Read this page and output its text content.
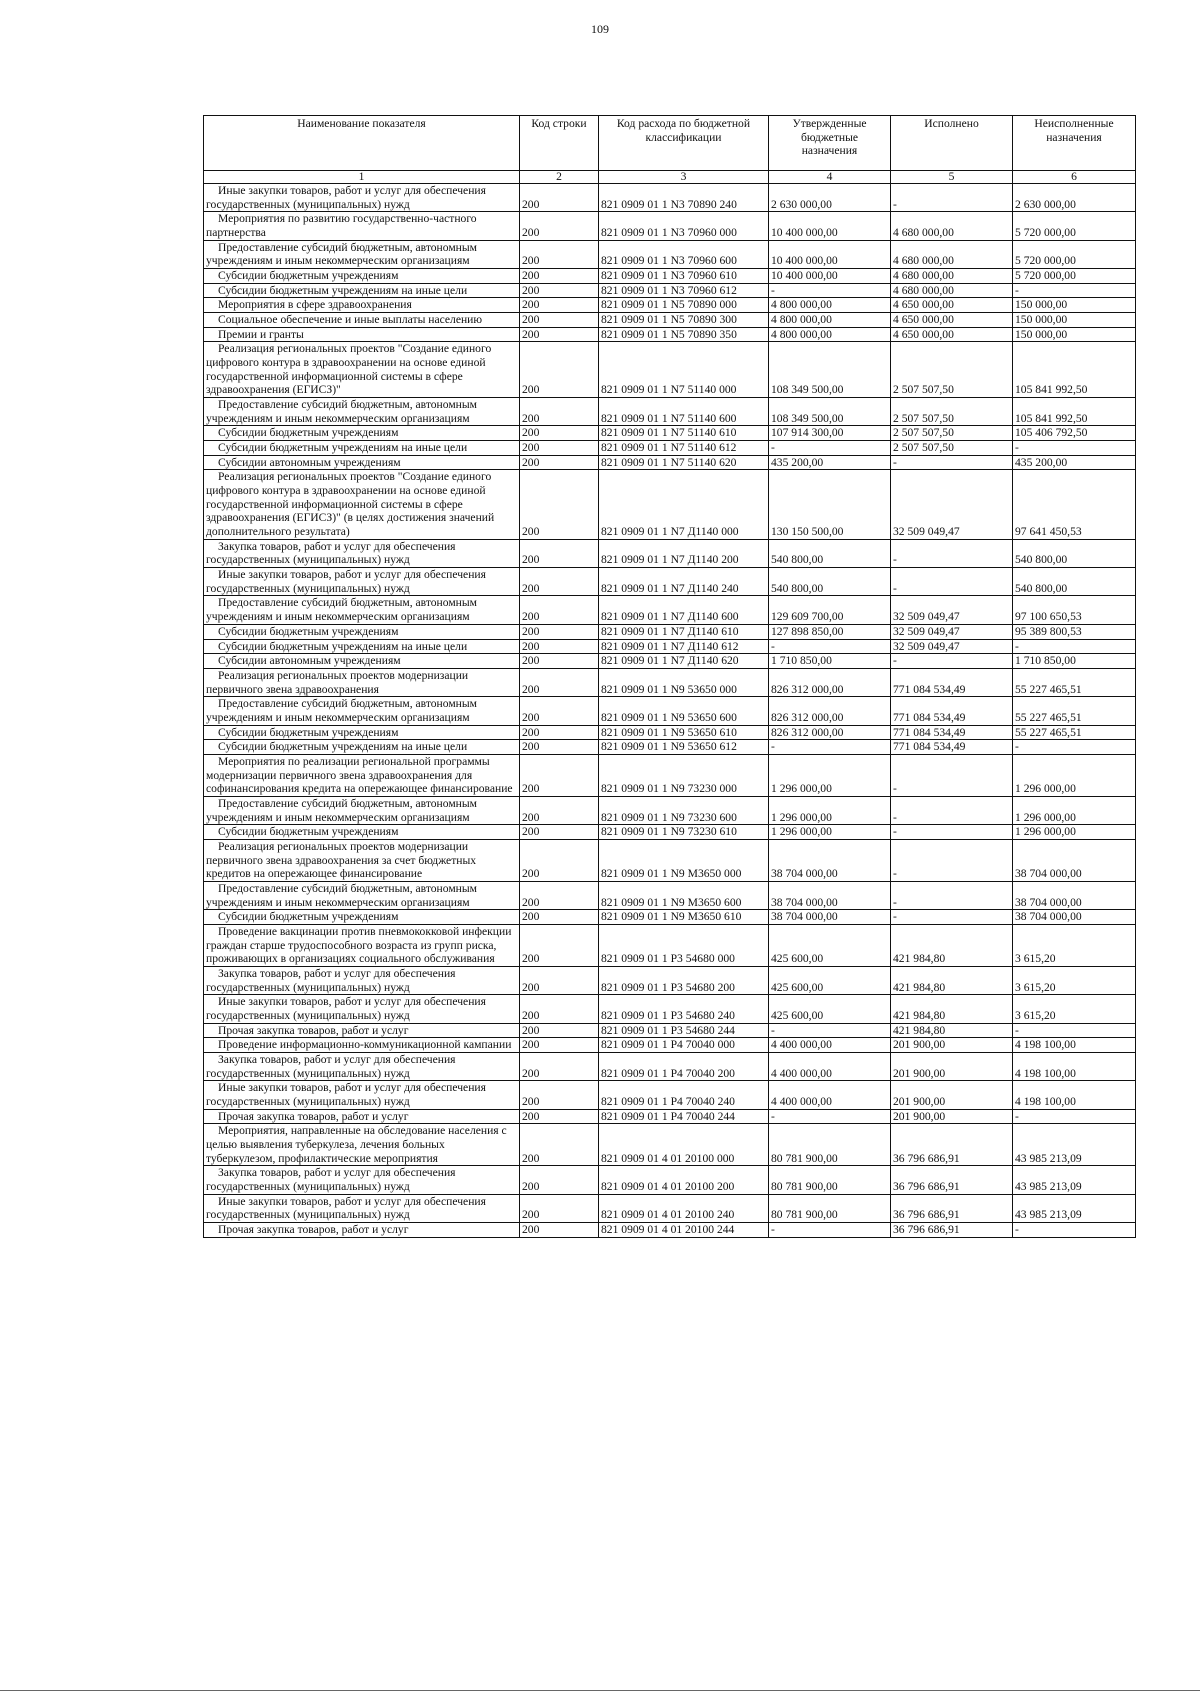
109
Наименование показателя	Код строки	Код расхода по бюджетной классификации	Утвержденные бюджетные назначения	Исполнено	Неисполненные назначения
1	2	3	4	5	6
Иные закупки товаров, работ и услуг для обеспечения государственных (муниципальных) нужд	200	821 0909 01 1 N3 70890 240	2 630 000,00	-	2 630 000,00
Мероприятия по развитию государственно-частного партнерства	200	821 0909 01 1 N3 70960 000	10 400 000,00	4 680 000,00	5 720 000,00
Предоставление субсидий бюджетным, автономным учреждениям и иным некоммерческим организациям	200	821 0909 01 1 N3 70960 600	10 400 000,00	4 680 000,00	5 720 000,00
Субсидии бюджетным учреждениям	200	821 0909 01 1 N3 70960 610	10 400 000,00	4 680 000,00	5 720 000,00
Субсидии бюджетным учреждениям на иные цели	200	821 0909 01 1 N3 70960 612	-	4 680 000,00	-
Мероприятия в сфере здравоохранения	200	821 0909 01 1 N5 70890 000	4 800 000,00	4 650 000,00	150 000,00
Социальное обеспечение и иные выплаты населению	200	821 0909 01 1 N5 70890 300	4 800 000,00	4 650 000,00	150 000,00
Премии и гранты	200	821 0909 01 1 N5 70890 350	4 800 000,00	4 650 000,00	150 000,00
Реализация региональных проектов "Создание единого цифрового контура в здравоохранении на основе единой государственной информационной системы в сфере здравоохранения (ЕГИСЗ)"	200	821 0909 01 1 N7 51140 000	108 349 500,00	2 507 507,50	105 841 992,50
Предоставление субсидий бюджетным, автономным учреждениям и иным некоммерческим организациям	200	821 0909 01 1 N7 51140 600	108 349 500,00	2 507 507,50	105 841 992,50
Субсидии бюджетным учреждениям	200	821 0909 01 1 N7 51140 610	107 914 300,00	2 507 507,50	105 406 792,50
Субсидии бюджетным учреждениям на иные цели	200	821 0909 01 1 N7 51140 612	-	2 507 507,50	-
Субсидии автономным учреждениям	200	821 0909 01 1 N7 51140 620	435 200,00	-	435 200,00
Реализация региональных проектов "Создание единого цифрового контура в здравоохранении на основе единой государственной информационной системы в сфере здравоохранения (ЕГИСЗ)" (в целях достижения значений дополнительного результата)	200	821 0909 01 1 N7 Д1140 000	130 150 500,00	32 509 049,47	97 641 450,53
Закупка товаров, работ и услуг для обеспечения государственных (муниципальных) нужд	200	821 0909 01 1 N7 Д1140 200	540 800,00	-	540 800,00
Иные закупки товаров, работ и услуг для обеспечения государственных (муниципальных) нужд	200	821 0909 01 1 N7 Д1140 240	540 800,00	-	540 800,00
Предоставление субсидий бюджетным, автономным учреждениям и иным некоммерческим организациям	200	821 0909 01 1 N7 Д1140 600	129 609 700,00	32 509 049,47	97 100 650,53
Субсидии бюджетным учреждениям	200	821 0909 01 1 N7 Д1140 610	127 898 850,00	32 509 049,47	95 389 800,53
Субсидии бюджетным учреждениям на иные цели	200	821 0909 01 1 N7 Д1140 612	-	32 509 049,47	-
Субсидии автономным учреждениям	200	821 0909 01 1 N7 Д1140 620	1 710 850,00	-	1 710 850,00
Реализация региональных проектов модернизации первичного звена здравоохранения	200	821 0909 01 1 N9 53650 000	826 312 000,00	771 084 534,49	55 227 465,51
Предоставление субсидий бюджетным, автономным учреждениям и иным некоммерческим организациям	200	821 0909 01 1 N9 53650 600	826 312 000,00	771 084 534,49	55 227 465,51
Субсидии бюджетным учреждениям	200	821 0909 01 1 N9 53650 610	826 312 000,00	771 084 534,49	55 227 465,51
Субсидии бюджетным учреждениям на иные цели	200	821 0909 01 1 N9 53650 612	-	771 084 534,49	-
Мероприятия по реализации региональной программы модернизации первичного звена здравоохранения для софинансирования кредита на опережающее финансирование	200	821 0909 01 1 N9 73230 000	1 296 000,00	-	1 296 000,00
Предоставление субсидий бюджетным, автономным учреждениям и иным некоммерческим организациям	200	821 0909 01 1 N9 73230 600	1 296 000,00	-	1 296 000,00
Субсидии бюджетным учреждениям	200	821 0909 01 1 N9 73230 610	1 296 000,00	-	1 296 000,00
Реализация региональных проектов модернизации первичного звена здравоохранения за счет бюджетных кредитов на опережающее финансирование	200	821 0909 01 1 N9 M3650 000	38 704 000,00	-	38 704 000,00
Предоставление субсидий бюджетным, автономным учреждениям и иным некоммерческим организациям	200	821 0909 01 1 N9 M3650 600	38 704 000,00	-	38 704 000,00
Субсидии бюджетным учреждениям	200	821 0909 01 1 N9 M3650 610	38 704 000,00	-	38 704 000,00
Проведение вакцинации против пневмококковой инфекции граждан старше трудоспособного возраста из групп риска, проживающих в организациях социального обслуживания	200	821 0909 01 1 P3 54680 000	425 600,00	421 984,80	3 615,20
Закупка товаров, работ и услуг для обеспечения государственных (муниципальных) нужд	200	821 0909 01 1 P3 54680 200	425 600,00	421 984,80	3 615,20
Иные закупки товаров, работ и услуг для обеспечения государственных (муниципальных) нужд	200	821 0909 01 1 P3 54680 240	425 600,00	421 984,80	3 615,20
Прочая закупка товаров, работ и услуг	200	821 0909 01 1 P3 54680 244	-	421 984,80	-
Проведение информационно-коммуникационной кампании	200	821 0909 01 1 P4 70040 000	4 400 000,00	201 900,00	4 198 100,00
Закупка товаров, работ и услуг для обеспечения государственных (муниципальных) нужд	200	821 0909 01 1 P4 70040 200	4 400 000,00	201 900,00	4 198 100,00
Иные закупки товаров, работ и услуг для обеспечения государственных (муниципальных) нужд	200	821 0909 01 1 P4 70040 240	4 400 000,00	201 900,00	4 198 100,00
Прочая закупка товаров, работ и услуг	200	821 0909 01 1 P4 70040 244	-	201 900,00	-
Мероприятия, направленные на обследование населения с целью выявления туберкулеза, лечения больных туберкулезом, профилактические мероприятия	200	821 0909 01 4 01 20100 000	80 781 900,00	36 796 686,91	43 985 213,09
Закупка товаров, работ и услуг для обеспечения государственных (муниципальных) нужд	200	821 0909 01 4 01 20100 200	80 781 900,00	36 796 686,91	43 985 213,09
Иные закупки товаров, работ и услуг для обеспечения государственных (муниципальных) нужд	200	821 0909 01 4 01 20100 240	80 781 900,00	36 796 686,91	43 985 213,09
Прочая закупка товаров, работ и услуг	200	821 0909 01 4 01 20100 244	-	36 796 686,91	-
